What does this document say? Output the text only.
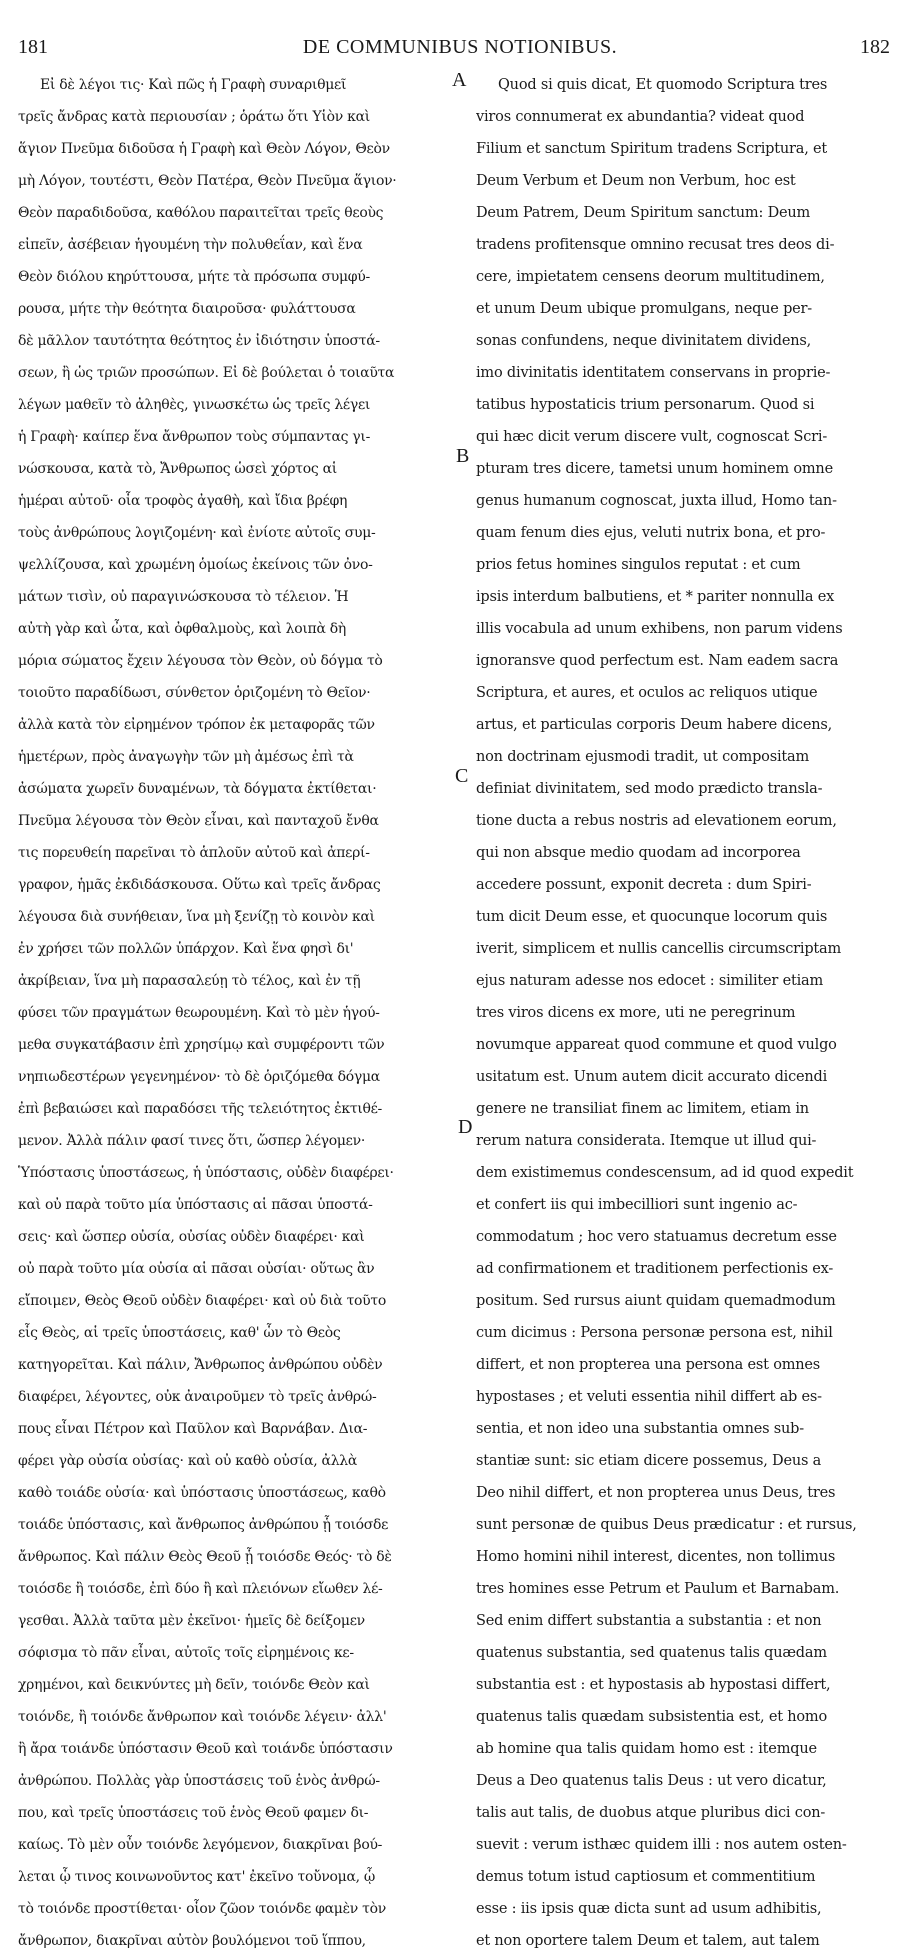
181	DE COMMUNIBUS NOTIONIBUS.	182
Εἰ δὲ λέγοι τις· Καὶ πῶς ἡ Γραφὴ συναριθμεῖ
τρεῖς ἄνδρας κατὰ περιουσίαν ; ὁράτω ὅτι Υἱὸν καὶ
ἅγιον Πνεῦμα διδοῦσα ἡ Γραφὴ καὶ Θεὸν Λόγον, Θεὸν
μὴ Λόγον, τουτέστι, Θεὸν Πατέρα, Θεὸν Πνεῦμα ἅγιον·
Θεὸν παραδιδοῦσα, καθόλου παραιτεῖται τρεῖς θεοὺς
εἰπεῖν, ἀσέβειαν ἡγουμένη τὴν πολυθεΐαν, καὶ ἕνα
Θεὸν διόλου κηρύττουσα, μήτε τὰ πρόσωπα συμφύ-
ρουσα, μήτε τὴν θεότητα διαιροῦσα· φυλάττουσα
δὲ μᾶλλον ταυτότητα θεότητος ἐν ἰδιότησιν ὑποστά-
σεων, ἢ ὡς τριῶν προσώπων. Εἰ δὲ βούλεται ὁ τοιαῦτα
λέγων μαθεῖν τὸ ἀληθὲς, γινωσκέτω ὡς τρεῖς λέγει
ἡ Γραφὴ· καίπερ ἕνα ἄνθρωπον τοὺς σύμπαντας γι-
νώσκουσα, κατὰ τὸ, Ἄνθρωπος ὡσεὶ χόρτος αἱ
ἡμέραι αὐτοῦ· οἷα τροφὸς ἀγαθὴ, καὶ ἴδια βρέφη
τοὺς ἀνθρώπους λογιζομένη· καὶ ἐνίοτε αὐτοῖς συμ-
ψελλίζουσα, καὶ χρωμένη ὁμοίως ἐκείνοις τῶν ὀνο-
μάτων τισὶν, οὐ παραγινώσκουσα τὸ τέλειον. Ἡ
αὐτὴ γὰρ καὶ ὦτα, καὶ ὀφθαλμοὺς, καὶ λοιπὰ δὴ
μόρια σώματος ἔχειν λέγουσα τὸν Θεὸν, οὐ δόγμα τὸ
τοιοῦτο παραδίδωσι, σύνθετον ὁριζομένη τὸ Θεῖον·
ἀλλὰ κατὰ τὸν εἰρημένον τρόπον ἐκ μεταφορᾶς τῶν
ἡμετέρων, πρὸς ἀναγωγὴν τῶν μὴ ἀμέσως ἐπὶ τὰ
ἀσώματα χωρεῖν δυναμένων, τὰ δόγματα ἐκτίθεται·
Πνεῦμα λέγουσα τὸν Θεὸν εἶναι, καὶ πανταχοῦ ἔνθα
τις πορευθείη παρεῖναι τὸ ἁπλοῦν αὐτοῦ καὶ ἀπερί-
γραφον, ἡμᾶς ἐκδιδάσκουσα. Οὕτω καὶ τρεῖς ἄνδρας
λέγουσα διὰ συνήθειαν, ἵνα μὴ ξενίζῃ τὸ κοινὸν καὶ
ἐν χρήσει τῶν πολλῶν ὑπάρχον. Καὶ ἕνα φησὶ δι'
ἀκρίβειαν, ἵνα μὴ παρασαλεύῃ τὸ τέλος, καὶ ἐν τῇ
φύσει τῶν πραγμάτων θεωρουμένη. Καὶ τὸ μὲν ἡγού-
μεθα συγκατάβασιν ἐπὶ χρησίμῳ καὶ συμφέροντι τῶν
νηπιωδεστέρων γεγενημένον· τὸ δὲ ὁριζόμεθα δόγμα
ἐπὶ βεβαιώσει καὶ παραδόσει τῆς τελειότητος ἐκτιθέ-
μενον. Ἀλλὰ πάλιν φασί τινες ὅτι, ὥσπερ λέγομεν·
Ὑπόστασις ὑποστάσεως, ἡ ὑπόστασις, οὐδὲν διαφέρει·
καὶ οὐ παρὰ τοῦτο μία ὑπόστασις αἱ πᾶσαι ὑποστά-
σεις· καὶ ὥσπερ οὐσία, οὐσίας οὐδὲν διαφέρει· καὶ
οὐ παρὰ τοῦτο μία οὐσία αἱ πᾶσαι οὐσίαι· οὕτως ἂν
εἴποιμεν, Θεὸς Θεοῦ οὐδὲν διαφέρει· καὶ οὐ διὰ τοῦτο
εἷς Θεὸς, αἱ τρεῖς ὑποστάσεις, καθ' ὧν τὸ Θεὸς
κατηγορεῖται. Καὶ πάλιν, Ἄνθρωπος ἀνθρώπου οὐδὲν
διαφέρει, λέγοντες, οὐκ ἀναιροῦμεν τὸ τρεῖς ἀνθρώ-
πους εἶναι Πέτρον καὶ Παῦλον καὶ Βαρνάβαν. Δια-
φέρει γὰρ οὐσία οὐσίας· καὶ οὐ καθὸ οὐσία, ἀλλὰ
καθὸ τοιάδε οὐσία· καὶ ὑπόστασις ὑποστάσεως, καθὸ
τοιάδε ὑπόστασις, καὶ ἄνθρωπος ἀνθρώπου ᾗ τοιόσδε
ἄνθρωπος. Καὶ πάλιν Θεὸς Θεοῦ ᾗ τοιόσδε Θεός· τὸ δὲ
τοιόσδε ἢ τοιόσδε, ἐπὶ δύο ἢ καὶ πλειόνων εἴωθεν λέ-
γεσθαι. Ἀλλὰ ταῦτα μὲν ἐκεῖνοι· ἡμεῖς δὲ δείξομεν
σόφισμα τὸ πᾶν εἶναι, αὐτοῖς τοῖς εἰρημένοις κε-
χρημένοι, καὶ δεικνύντες μὴ δεῖν, τοιόνδε Θεὸν καὶ
τοιόνδε, ἢ τοιόνδε ἄνθρωπον καὶ τοιόνδε λέγειν· ἀλλ'
ἢ ἄρα τοιάνδε ὑπόστασιν Θεοῦ καὶ τοιάνδε ὑπόστασιν
ἀνθρώπου. Πολλὰς γὰρ ὑποστάσεις τοῦ ἑνὸς ἀνθρώ-
που, καὶ τρεῖς ὑποστάσεις τοῦ ἑνὸς Θεοῦ φαμεν δι-
καίως. Τὸ μὲν οὖν τοιόνδε λεγόμενον, διακρῖναι βού-
λεται ᾧ τινος κοινωνοῦντος κατ' ἐκεῖνο τοὔνομα, ᾧ
τὸ τοιόνδε προστίθεται· οἷον ζῶον τοιόνδε φαμὲν τὸν
ἄνθρωπον, διακρῖναι αὐτὸν βουλόμενοι τοῦ ἵππου,
Quod si quis dicat, Et quomodo Scriptura tres
viros connumerat ex abundantia? videat quod
Filium et sanctum Spiritum tradens Scriptura, et
Deum Verbum et Deum non Verbum, hoc est
Deum Patrem, Deum Spiritum sanctum: Deum
tradens profitensque omnino recusat tres deos di-
cere, impietatem censens deorum multitudinem,
et unum Deum ubique promulgans, neque per-
sonas confundens, neque divinitatem dividens,
imo divinitatis identitatem conservans in proprie-
tatibus hypostaticis trium personarum. Quod si
qui hæc dicit verum discere vult, cognoscat Scri-
pturam tres dicere, tametsi unum hominem omne
genus humanum cognoscat, juxta illud, Homo tan-
quam fenum dies ejus, veluti nutrix bona, et pro-
prios fetus homines singulos reputat : et cum
ipsis interdum balbutiens, et * pariter nonnulla ex
illis vocabula ad unum exhibens, non parum videns
ignoransve quod perfectum est. Nam eadem sacra
Scriptura, et aures, et oculos ac reliquos utique
artus, et particulas corporis Deum habere dicens,
non doctrinam ejusmodi tradit, ut compositam
definiat divinitatem, sed modo prædicto transla-
tione ducta a rebus nostris ad elevationem eorum,
qui non absque medio quodam ad incorporea
accedere possunt, exponit decreta : dum Spiri-
tum dicit Deum esse, et quocunque locorum quis
iverit, simplicem et nullis cancellis circumscriptam
ejus naturam adesse nos edocet : similiter etiam
tres viros dicens ex more, uti ne peregrinum
novumque appareat quod commune et quod vulgo
usitatum est. Unum autem dicit accurato dicendi
genere ne transiliat finem ac limitem, etiam in
rerum natura considerata. Itemque ut illud qui-
dem existimemus condescensum, ad id quod expedit
et confert iis qui imbecilliori sunt ingenio ac-
commodatum ; hoc vero statuamus decretum esse
ad confirmationem et traditionem perfectionis ex-
positum. Sed rursus aiunt quidam quemadmodum
cum dicimus : Persona personæ persona est, nihil
differt, et non propterea una persona est omnes
hypostases ; et veluti essentia nihil differt ab es-
sentia, et non ideo una substantia omnes sub-
stantiæ sunt: sic etiam dicere possemus, Deus a
Deo nihil differt, et non propterea unus Deus, tres
sunt personæ de quibus Deus prædicatur : et rursus,
Homo homini nihil interest, dicentes, non tollimus
tres homines esse Petrum et Paulum et Barnabam.
Sed enim differt substantia a substantia : et non
quatenus substantia, sed quatenus talis quædam
substantia est : et hypostasis ab hypostasi differt,
quatenus talis quædam subsistentia est, et homo
ab homine qua talis quidam homo est : itemque
Deus a Deo quatenus talis Deus : ut vero dicatur,
talis aut talis, de duobus atque pluribus dici con-
suevit : verum isthæc quidem illi : nos autem osten-
demus totum istud captiosum et commentitium
esse : iis ipsis quæ dicta sunt ad usum adhibitis,
et non oportere talem Deum et talem, aut talem
A
B
C
D
